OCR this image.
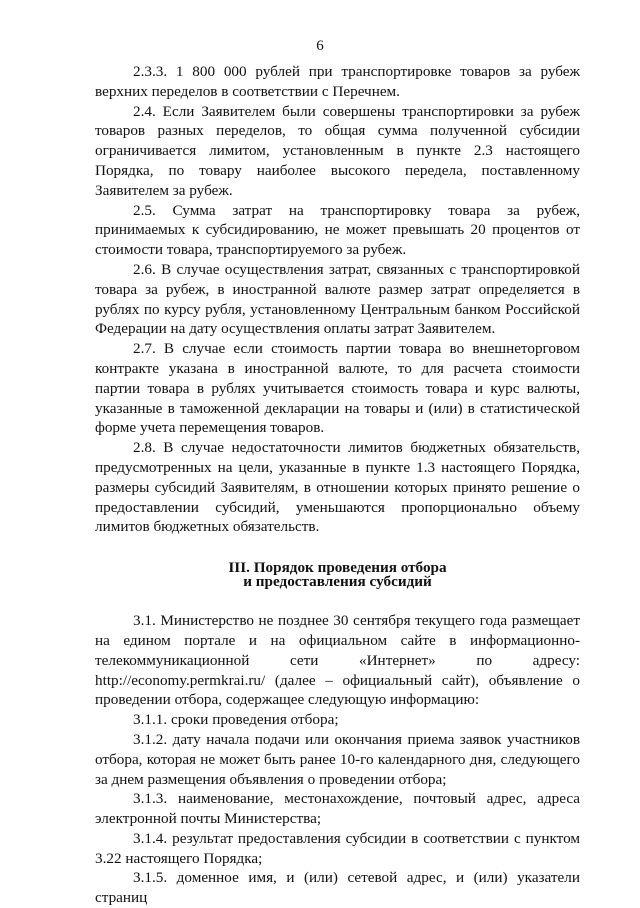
6

2.3.3. 1 800 000 рублей при транспортировке товаров за рубеж верхних переделов в соответствии с Перечнем.

2.4. Если Заявителем были совершены транспортировки за рубеж товаров разных переделов, то общая сумма полученной субсидии ограничивается лимитом, установленным в пункте 2.3 настоящего Порядка, по товару наиболее высокого передела, поставленному Заявителем за рубеж.

2.5. Сумма затрат на транспортировку товара за рубеж, принимаемых к субсидированию, не может превышать 20 процентов от стоимости товара, транспортируемого за рубеж.

2.6. В случае осуществления затрат, связанных с транспортировкой товара за рубеж, в иностранной валюте размер затрат определяется в рублях по курсу рубля, установленному Центральным банком Российской Федерации на дату осуществления оплаты затрат Заявителем.

2.7. В случае если стоимость партии товара во внешнеторговом контракте указана в иностранной валюте, то для расчета стоимости партии товара в рублях учитывается стоимость товара и курс валюты, указанные в таможенной декларации на товары и (или) в статистической форме учета перемещения товаров.

2.8. В случае недостаточности лимитов бюджетных обязательств, предусмотренных на цели, указанные в пункте 1.3 настоящего Порядка, размеры субсидий Заявителям, в отношении которых принято решение о предоставлении субсидий, уменьшаются пропорционально объему лимитов бюджетных обязательств.

III. Порядок проведения отбора
и предоставления субсидий

3.1. Министерство не позднее 30 сентября текущего года размещает на едином портале и на официальном сайте в информационно-телекоммуникационной сети «Интернет» по адресу: http://economy.permkrai.ru/ (далее – официальный сайт), объявление о проведении отбора, содержащее следующую информацию:

3.1.1. сроки проведения отбора;

3.1.2. дату начала подачи или окончания приема заявок участников отбора, которая не может быть ранее 10-го календарного дня, следующего за днем размещения объявления о проведении отбора;

3.1.3. наименование, местонахождение, почтовый адрес, адреса электронной почты Министерства;

3.1.4. результат предоставления субсидии в соответствии с пунктом 3.22 настоящего Порядка;

3.1.5. доменное имя, и (или) сетевой адрес, и (или) указатели страниц
